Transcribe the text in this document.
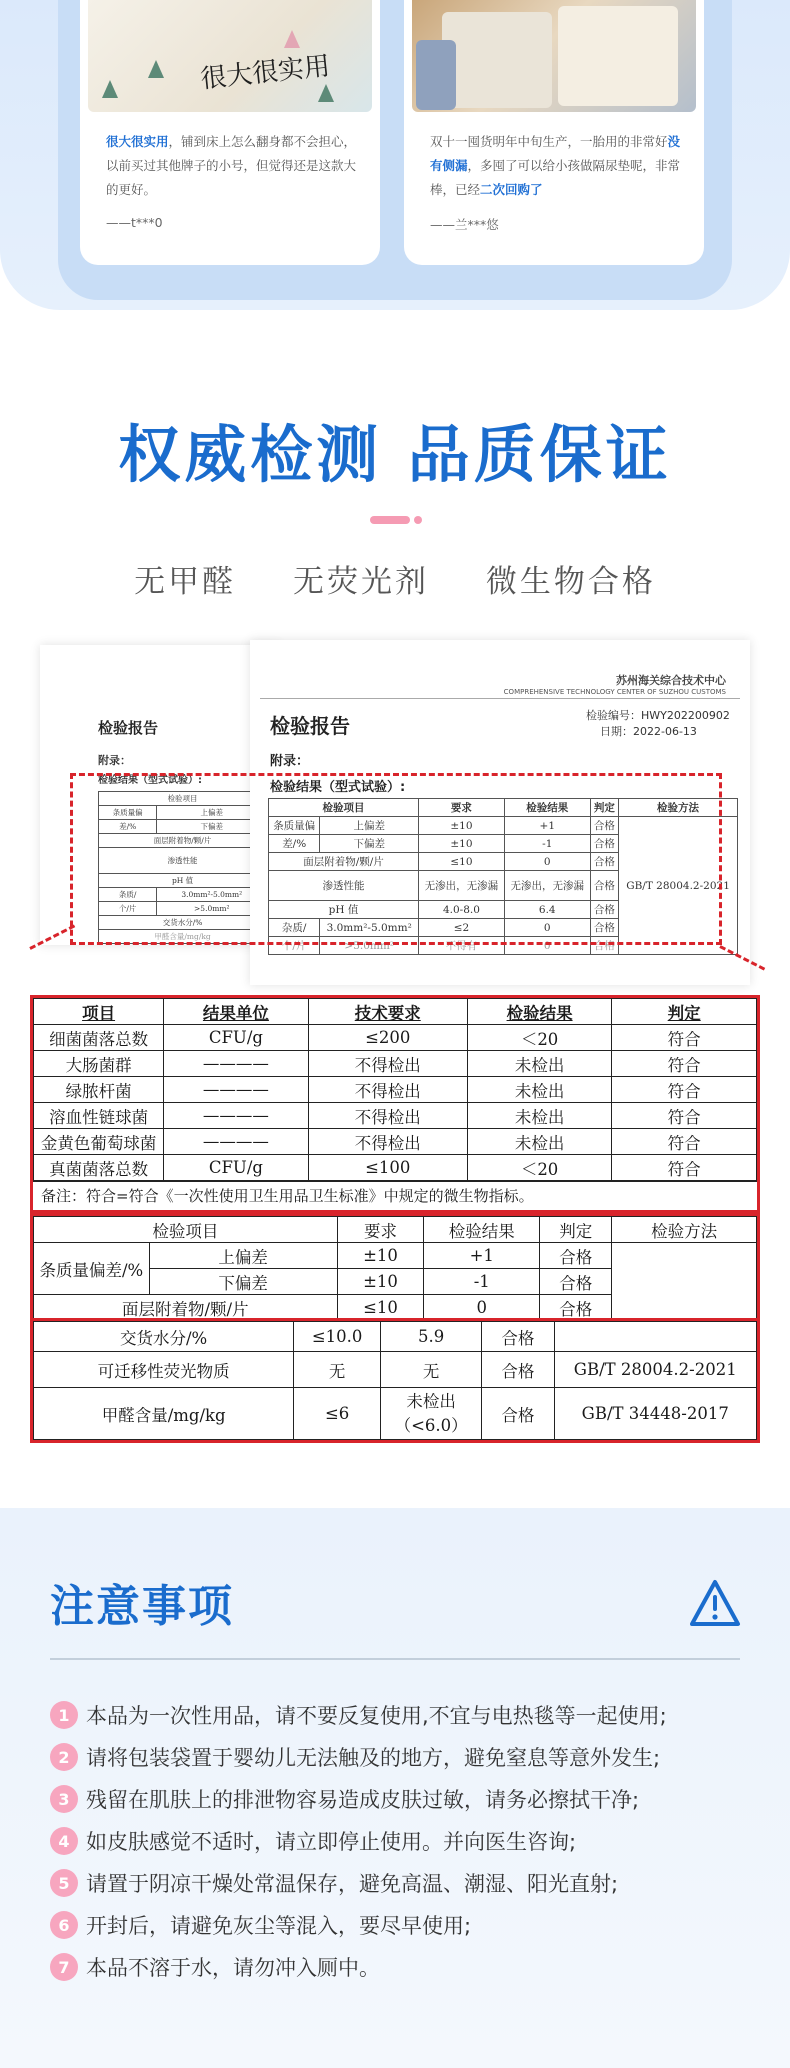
很大很实用
很大很实用，铺到床上怎么翻身都不会担心，以前买过其他牌子的小号，但觉得还是这款大的更好。
——t***0
双十一囤货明年中旬生产，一胎用的非常好没有侧漏，多囤了可以给小孩做隔尿垫呢，非常棒，已经二次回购了
——兰***悠
权威检测 品质保证
无甲醛 无荧光剂 微生物合格
检验报告
附录：
检验结果（型式试验）:
检验项目		
条质量偏	上偏差	
差/%	下偏差	
面层附着物/颗/片		
渗透性能	
pH 值	
条质/	3.0mm²-5.0mm²	
个/片	>5.0mm²	
交货水分/%		
甲醛含量/mg/kg		
苏州海关综合技术中心
COMPREHENSIVE TECHNOLOGY CENTER OF SUZHOU CUSTOMS
检验报告	检验编号：HWY202200902
日期：2022-06-13
附录：
检验结果（型式试验）:
检验项目		要求	检验结果	判定	检验方法
条质量偏	上偏差	±10	+1	合格	GB/T 28004.2-2021
差/%	下偏差	±10	-1	合格	
面层附着物/颗/片		≤10	0	合格	
渗透性能		无渗出，无渗漏	无渗出，无渗漏	合格	
pH 值		4.0-8.0	6.4	合格	
杂质/	3.0mm²-5.0mm²	≤2	0	合格	
个/片	>5.0mm²	不得有	0	合格	
项目	结果单位	技术要求	检验结果	判定
细菌菌落总数	CFU/g	≤200	＜20	符合
大肠菌群	————	不得检出	未检出	符合
绿脓杆菌	————	不得检出	未检出	符合
溶血性链球菌	————	不得检出	未检出	符合
金黄色葡萄球菌	————	不得检出	未检出	符合
真菌菌落总数	CFU/g	≤100	＜20	符合
备注：符合=符合《一次性使用卫生用品卫生标准》中规定的微生物指标。
检验项目		要求	检验结果	判定	检验方法
条质量偏差/%	上偏差	±10	+1	合格	
	下偏差	±10	-1	合格	
面层附着物/颗/片		≤10	0	合格	
交货水分/%	≤10.0	5.9	合格	
可迁移性荧光物质	无	无	合格	GB/T 28004.2-2021
甲醛含量/mg/kg	≤6	未检出（<6.0）	合格	GB/T 34448-2017
注意事项
1 本品为一次性用品，请不要反复使用,不宜与电热毯等一起使用;
2 请将包装袋置于婴幼儿无法触及的地方，避免窒息等意外发生;
3 残留在肌肤上的排泄物容易造成皮肤过敏，请务必擦拭干净;
4 如皮肤感觉不适时，请立即停止使用。并向医生咨询;
5 请置于阴凉干燥处常温保存，避免高温、潮湿、阳光直射;
6 开封后，请避免灰尘等混入，要尽早使用;
7 本品不溶于水，请勿冲入厕中。
